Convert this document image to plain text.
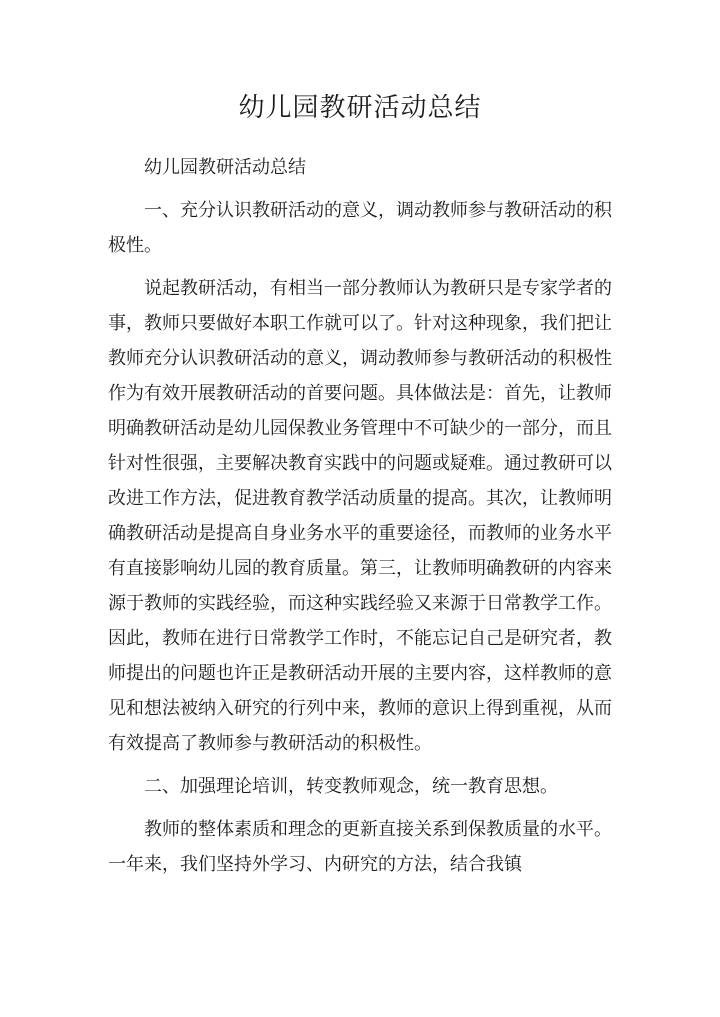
幼儿园教研活动总结

幼儿园教研活动总结

一、充分认识教研活动的意义，调动教师参与教研活动的积极性。

说起教研活动，有相当一部分教师认为教研只是专家学者的事，教师只要做好本职工作就可以了。针对这种现象，我们把让教师充分认识教研活动的意义，调动教师参与教研活动的积极性作为有效开展教研活动的首要问题。具体做法是：首先，让教师明确教研活动是幼儿园保教业务管理中不可缺少的一部分，而且针对性很强，主要解决教育实践中的问题或疑难。通过教研可以改进工作方法，促进教育教学活动质量的提高。其次，让教师明确教研活动是提高自身业务水平的重要途径，而教师的业务水平有直接影响幼儿园的教育质量。第三，让教师明确教研的内容来源于教师的实践经验，而这种实践经验又来源于日常教学工作。因此，教师在进行日常教学工作时，不能忘记自己是研究者，教师提出的问题也许正是教研活动开展的主要内容，这样教师的意见和想法被纳入研究的行列中来，教师的意识上得到重视，从而有效提高了教师参与教研活动的积极性。

二、加强理论培训，转变教师观念，统一教育思想。

教师的整体素质和理念的更新直接关系到保教质量的水平。一年来，我们坚持外学习、内研究的方法，结合我镇
